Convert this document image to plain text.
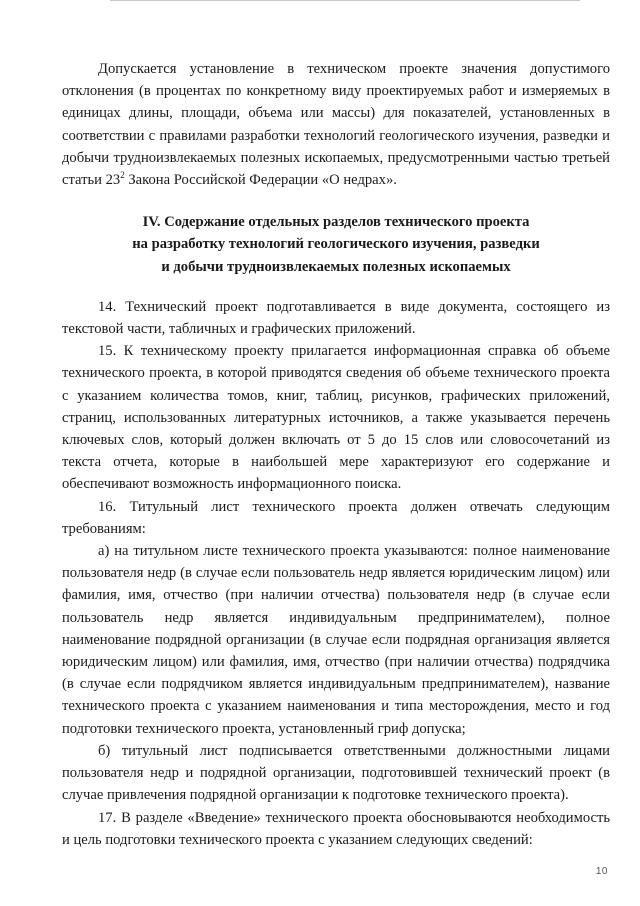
Допускается установление в техническом проекте значения допустимого отклонения (в процентах по конкретному виду проектируемых работ и измеряемых в единицах длины, площади, объема или массы) для показателей, установленных в соответствии с правилами разработки технологий геологического изучения, разведки и добычи трудноизвлекаемых полезных ископаемых, предусмотренными частью третьей статьи $23^2$ Закона Российской Федерации «О недрах».

IV. Содержание отдельных разделов технического проекта
на разработку технологий геологического изучения, разведки
и добычи трудноизвлекаемых полезных ископаемых

14. Технический проект подготавливается в виде документа, состоящего из текстовой части, табличных и графических приложений.

15. К техническому проекту прилагается информационная справка об объеме технического проекта, в которой приводятся сведения об объеме технического проекта с указанием количества томов, книг, таблиц, рисунков, графических приложений, страниц, использованных литературных источников, а также указывается перечень ключевых слов, который должен включать от 5 до 15 слов или словосочетаний из текста отчета, которые в наибольшей мере характеризуют его содержание и обеспечивают возможность информационного поиска.

16. Титульный лист технического проекта должен отвечать следующим требованиям:

а) на титульном листе технического проекта указываются: полное наименование пользователя недр (в случае если пользователь недр является юридическим лицом) или фамилия, имя, отчество (при наличии отчества) пользователя недр (в случае если пользователь недр является индивидуальным предпринимателем), полное наименование подрядной организации (в случае если подрядная организация является юридическим лицом) или фамилия, имя, отчество (при наличии отчества) подрядчика (в случае если подрядчиком является индивидуальным предпринимателем), название технического проекта с указанием наименования и типа месторождения, место и год подготовки технического проекта, установленный гриф допуска;

б) титульный лист подписывается ответственными должностными лицами пользователя недр и подрядной организации, подготовившей технический проект (в случае привлечения подрядной организации к подготовке технического проекта).

17. В разделе «Введение» технического проекта обосновываются необходимость и цель подготовки технического проекта с указанием следующих сведений:

10
